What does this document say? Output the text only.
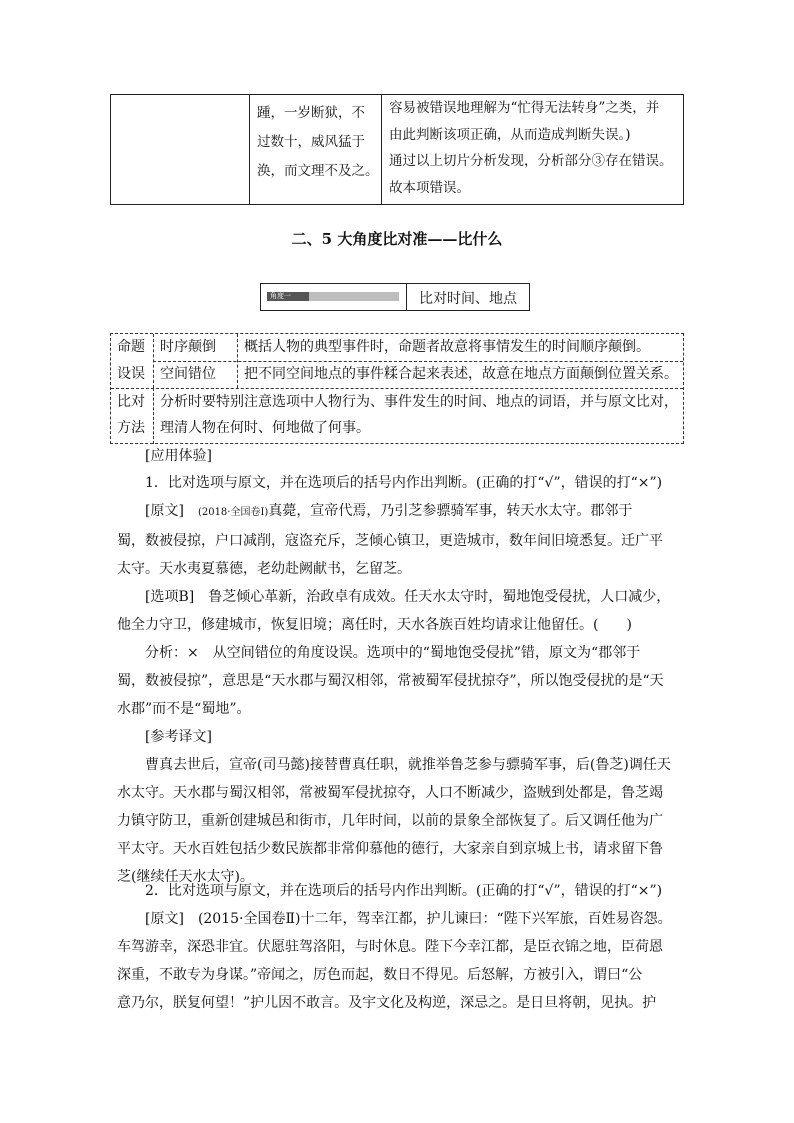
踵，一岁断狱，不
过数十，威风猛于
涣，而文理不及之。
容易被错误地理解为“忙得无法转身”之类，并
由此判断该项正确，从而造成判断失误。)
通过以上切片分析发现，分析部分③存在错误。
故本项错误。
二、5 大角度比对准——比什么
角度一	比对时间、地点
命题
设误
时序颠倒 概括人物的典型事件时，命题者故意将事情发生的时间顺序颠倒。
空间错位 把不同空间地点的事件糅合起来表述，故意在地点方面颠倒位置关系。
比对
方法
分析时要特别注意选项中人物行为、事件发生的时间、地点的词语，并与原文比对，
理清人物在何时、何地做了何事。
[应用体验]
1．比对选项与原文，并在选项后的括号内作出判断。(正确的打“√”，错误的打“×”)
[原文]　 (2018·全国卷Ⅰ)真薨，宣帝代焉，乃引芝参骠骑军事，转天水太守。郡邻于
蜀，数被侵掠，户口减削，寇盗充斥，芝倾心镇卫，更造城市，数年间旧境悉复。迁广平
太守。天水夷夏慕德，老幼赴阙献书，乞留芝。
[选项B]　 鲁芝倾心革新，治政卓有成效。任天水太守时，蜀地饱受侵扰，人口减少，
他全力守卫，修建城市，恢复旧境；离任时，天水各族百姓均请求让他留任。(　　)
分析：×　从空间错位的角度设误。选项中的“蜀地饱受侵扰”错，原文为“郡邻于
蜀，数被侵掠”，意思是“天水郡与蜀汉相邻，常被蜀军侵扰掠夺”，所以饱受侵扰的是“天
水郡”而不是“蜀地”。
[参考译文]
曹真去世后，宣帝(司马懿)接替曹真任职，就推举鲁芝参与骠骑军事，后(鲁芝)调任天
水太守。天水郡与蜀汉相邻，常被蜀军侵扰掠夺，人口不断减少，盗贼到处都是，鲁芝竭
力镇守防卫，重新创建城邑和街市，几年时间，以前的景象全部恢复了。后又调任他为广
平太守。天水百姓包括少数民族都非常仰慕他的德行，大家亲自到京城上书，请求留下鲁
芝(继续任天水太守)。
2．比对选项与原文，并在选项后的括号内作出判断。(正确的打“√”，错误的打“×”)
[原文]　 (2015·全国卷Ⅱ)十二年，驾幸江都，护儿谏曰：“陛下兴军旅，百姓易咨怨。
车驾游幸，深恐非宜。伏愿驻驾洛阳，与时休息。陛下今幸江都，是臣衣锦之地，臣荷恩
深重，不敢专为身谋。”帝闻之，厉色而起，数日不得见。后怒解，方被引入，谓曰“公
意乃尔，朕复何望！”护儿因不敢言。及宇文化及构逆，深忌之。是日旦将朝，见执。护
